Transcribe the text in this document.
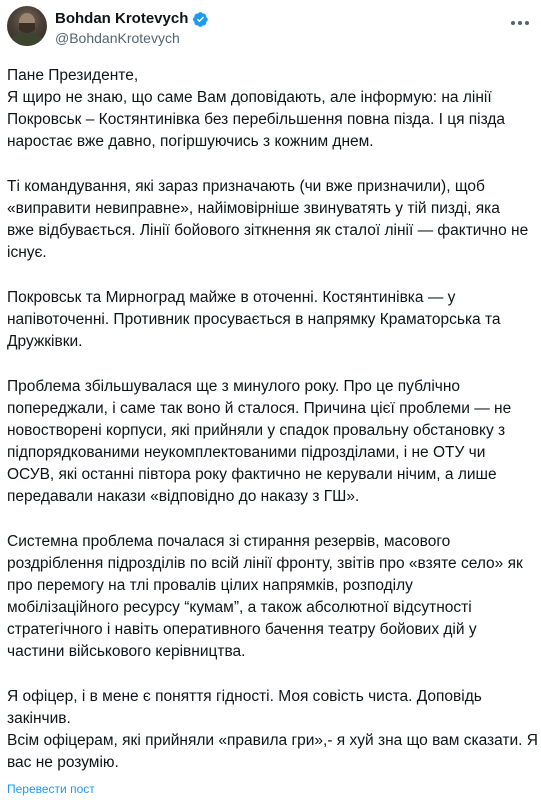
Bohdan Krotevych
@BohdanKrotevych

Пане Президенте,
Я щиро не знаю, що саме Вам доповідають, але інформую: на лінії
Покровськ – Костянтинівка без перебільшення повна пізда. І ця пізда
наростає вже давно, погіршуючись з кожним днем.

Ті командування, які зараз призначають (чи вже призначили), щоб
«виправити невиправне», найімовірніше звинуватять у тій пизді, яка
вже відбувається. Лінії бойового зіткнення як сталої лінії — фактично не
існує.

Покровськ та Мирноград майже в оточенні. Костянтинівка — у
напівоточенні. Противник просувається в напрямку Краматорська та
Дружківки.

Проблема збільшувалася ще з минулого року. Про це публічно
попереджали, і саме так воно й сталося. Причина цієї проблеми — не
новостворені корпуси, які прийняли у спадок провальну обстановку з
підпорядкованими неукомплектованими підрозділами, і не ОТУ чи
ОСУВ, які останні півтора року фактично не керували нічим, а лише
передавали накази «відповідно до наказу з ГШ».

Системна проблема почалася зі стирання резервів, масового
роздріблення підрозділів по всій лінії фронту, звітів про «взяте село» як
про перемогу на тлі провалів цілих напрямків, розподілу
мобілізаційного ресурсу “кумам”, а також абсолютної відсутності
стратегічного і навіть оперативного бачення театру бойових дій у
частини військового керівництва.

Я офіцер, і в мене є поняття гідності. Моя совість чиста. Доповідь
закінчив.
Всім офіцерам, які прийняли «правила гри»,- я хуй зна що вам сказати. Я
вас не розумію.

Перевести пост
